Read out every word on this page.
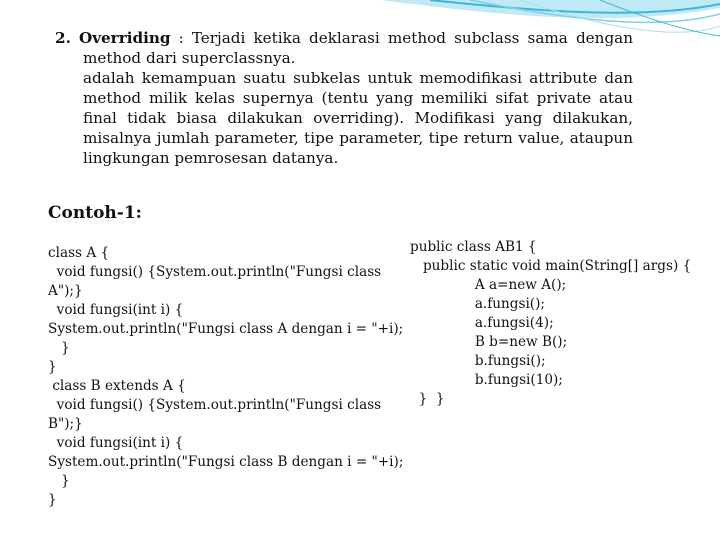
2. Overriding : Terjadi ketika deklarasi method subclass sama dengan
method dari superclassnya.
adalah kemampuan suatu subkelas untuk memodifikasi attribute dan
method milik kelas supernya (tentu yang memiliki sifat private atau
final tidak biasa dilakukan overriding). Modifikasi yang dilakukan,
misalnya jumlah parameter, tipe parameter, tipe return value, ataupun
lingkungan pemrosesan datanya.
Contoh-1:
class A {
void fungsi() {System.out.println("Fungsi class
A");}
void fungsi(int i) {
System.out.println("Fungsi class A dengan i = "+i);
}
}
class B extends A {
void fungsi() {System.out.println("Fungsi class
B");}
void fungsi(int i) {
System.out.println("Fungsi class B dengan i = "+i);
}
}
public class AB1 {
public static void main(String[] args) {
A a=new A();
a.fungsi();
a.fungsi(4);
B b=new B();
b.fungsi();
b.fungsi(10);
}  }
